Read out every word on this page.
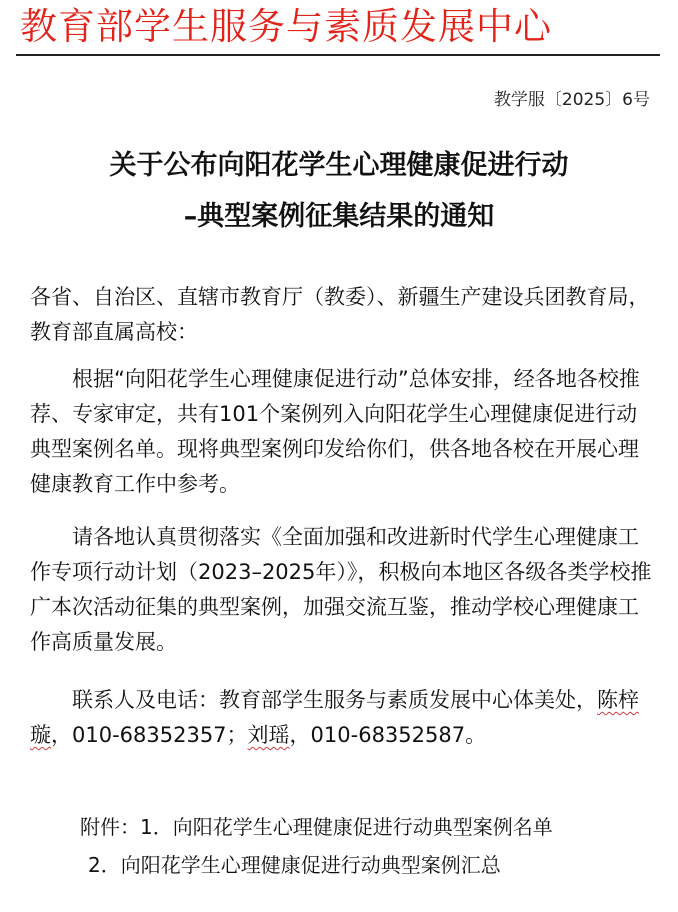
教育部学生服务与素质发展中心
教学服〔2025〕6号
关于公布向阳花学生心理健康促进行动
–典型案例征集结果的通知
各省、自治区、直辖市教育厅（教委）、新疆生产建设兵团教育局，教育部直属高校：
根据“向阳花学生心理健康促进行动”总体安排，经各地各校推荐、专家审定，共有101个案例列入向阳花学生心理健康促进行动典型案例名单。现将典型案例印发给你们，供各地各校在开展心理健康教育工作中参考。
请各地认真贯彻落实《全面加强和改进新时代学生心理健康工作专项行动计划（2023–2025年）》，积极向本地区各级各类学校推广本次活动征集的典型案例，加强交流互鉴，推动学校心理健康工作高质量发展。
联系人及电话：教育部学生服务与素质发展中心体美处，陈梓璇，010-68352357；刘瑶，010-68352587。
附件：1．向阳花学生心理健康促进行动典型案例名单
2．向阳花学生心理健康促进行动典型案例汇总
